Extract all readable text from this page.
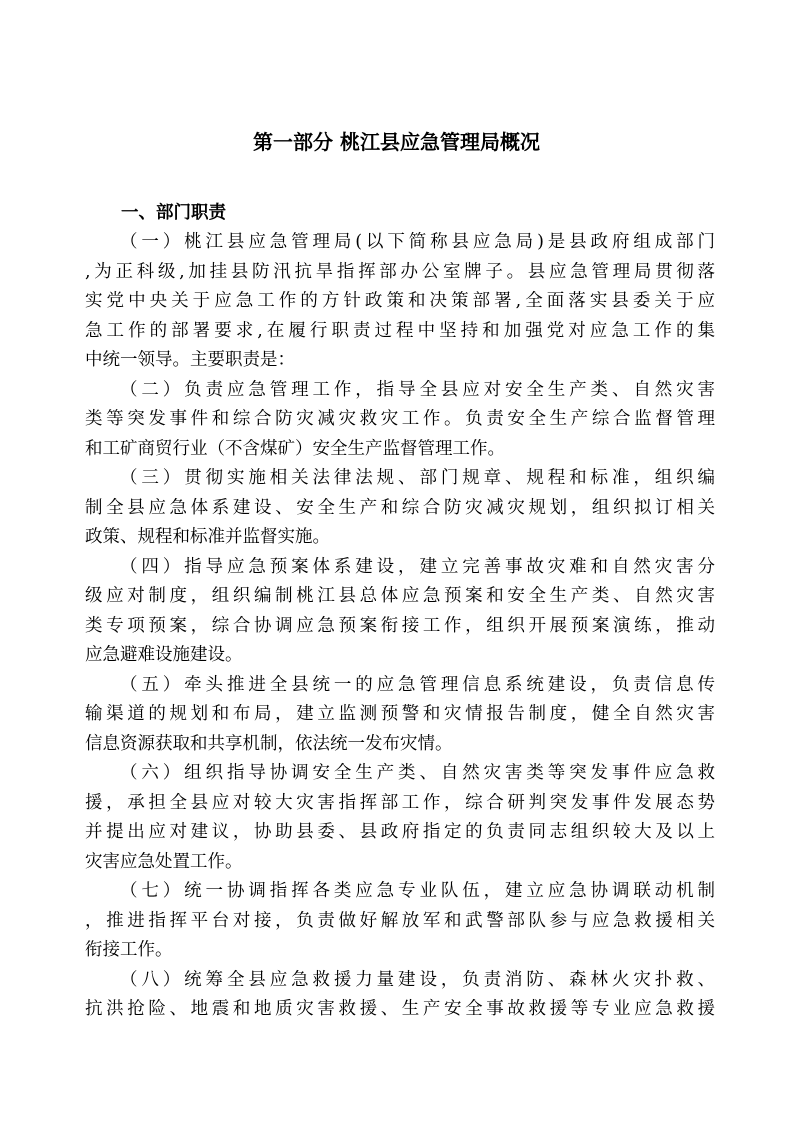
第一部分 桃江县应急管理局概况
一、部门职责

（一）桃江县应急管理局(以下简称县应急局)是县政府组成部门
,为正科级,加挂县防汛抗旱指挥部办公室牌子。县应急管理局贯彻落
实党中央关于应急工作的方针政策和决策部署,全面落实县委关于应
急工作的部署要求,在履行职责过程中坚持和加强党对应急工作的集
中统一领导。主要职责是：

（二）负责应急管理工作，指导全县应对安全生产类、自然灾害
类等突发事件和综合防灾减灾救灾工作。负责安全生产综合监督管理
和工矿商贸行业（不含煤矿）安全生产监督管理工作。

（三）贯彻实施相关法律法规、部门规章、规程和标准，组织编
制全县应急体系建设、安全生产和综合防灾减灾规划，组织拟订相关
政策、规程和标准并监督实施。

（四）指导应急预案体系建设，建立完善事故灾难和自然灾害分
级应对制度，组织编制桃江县总体应急预案和安全生产类、自然灾害
类专项预案，综合协调应急预案衔接工作，组织开展预案演练，推动
应急避难设施建设。

（五）牵头推进全县统一的应急管理信息系统建设，负责信息传
输渠道的规划和布局，建立监测预警和灾情报告制度，健全自然灾害
信息资源获取和共享机制，依法统一发布灾情。

（六）组织指导协调安全生产类、自然灾害类等突发事件应急救
援，承担全县应对较大灾害指挥部工作，综合研判突发事件发展态势
并提出应对建议，协助县委、县政府指定的负责同志组织较大及以上
灾害应急处置工作。

（七）统一协调指挥各类应急专业队伍，建立应急协调联动机制
，推进指挥平台对接，负责做好解放军和武警部队参与应急救援相关
衔接工作。

（八）统筹全县应急救援力量建设，负责消防、森林火灾扑救、
抗洪抢险、地震和地质灾害救援、生产安全事故救援等专业应急救援
